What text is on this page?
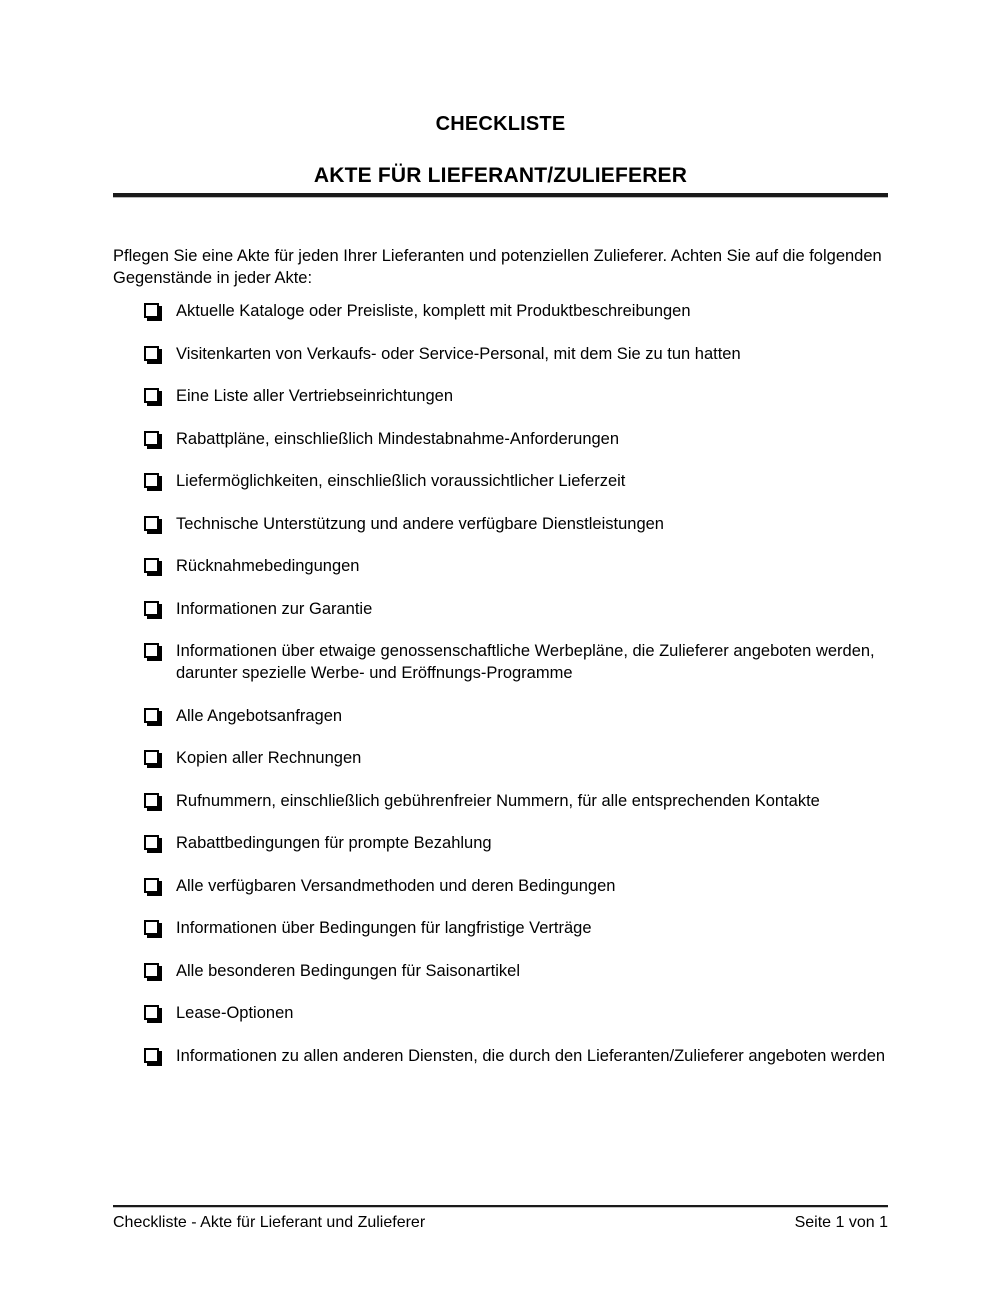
CHECKLISTE
AKTE FÜR LIEFERANT/ZULIEFERER

Pflegen Sie eine Akte für jeden Ihrer Lieferanten und potenziellen Zulieferer. Achten Sie auf die folgenden Gegenstände in jeder Akte:

Aktuelle Kataloge oder Preisliste, komplett mit Produktbeschreibungen
Visitenkarten von Verkaufs- oder Service-Personal, mit dem Sie zu tun hatten
Eine Liste aller Vertriebseinrichtungen
Rabattpläne, einschließlich Mindestabnahme-Anforderungen
Liefermöglichkeiten, einschließlich voraussichtlicher Lieferzeit
Technische Unterstützung und andere verfügbare Dienstleistungen
Rücknahmebedingungen
Informationen zur Garantie
Informationen über etwaige genossenschaftliche Werbepläne, die Zulieferer angeboten werden, darunter spezielle Werbe- und Eröffnungs-Programme
Alle Angebotsanfragen
Kopien aller Rechnungen
Rufnummern, einschließlich gebührenfreier Nummern, für alle entsprechenden Kontakte
Rabattbedingungen für prompte Bezahlung
Alle verfügbaren Versandmethoden und deren Bedingungen
Informationen über Bedingungen für langfristige Verträge
Alle besonderen Bedingungen für Saisonartikel
Lease-Optionen
Informationen zu allen anderen Diensten, die durch den Lieferanten/Zulieferer angeboten werden
Checkliste - Akte für Lieferant und Zulieferer	Seite 1 von 1
